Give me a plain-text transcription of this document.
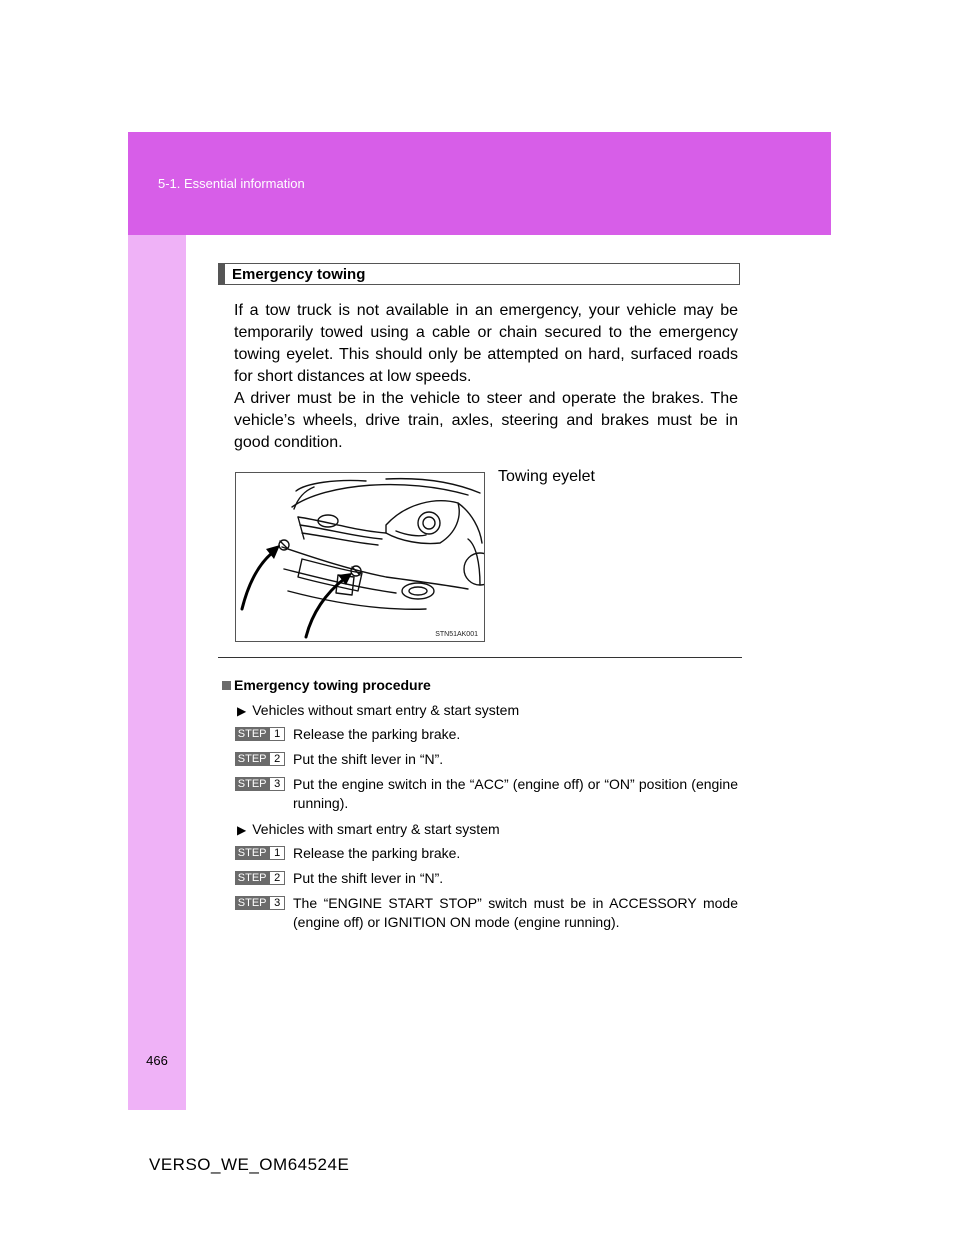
5-1. Essential information
466
Emergency towing

If a tow truck is not available in an emergency, your vehicle may be temporarily towed using a cable or chain secured to the emergency towing eyelet. This should only be attempted on hard, surfaced roads for short distances at low speeds.

A driver must be in the vehicle to steer and operate the brakes. The vehicle’s wheels, drive train, axles, steering and brakes must be in good condition.

Towing eyelet
STN51AK001
Emergency towing procedure
▶ Vehicles without smart entry & start system
STEP 1 Release the parking brake.
STEP 2 Put the shift lever in “N”.
STEP 3 Put the engine switch in the “ACC” (engine off) or “ON” position (engine running).
▶ Vehicles with smart entry & start system
STEP 1 Release the parking brake.
STEP 2 Put the shift lever in “N”.
STEP 3 The “ENGINE START STOP” switch must be in ACCESSORY mode (engine off) or IGNITION ON mode (engine running).
VERSO_WE_OM64524E
